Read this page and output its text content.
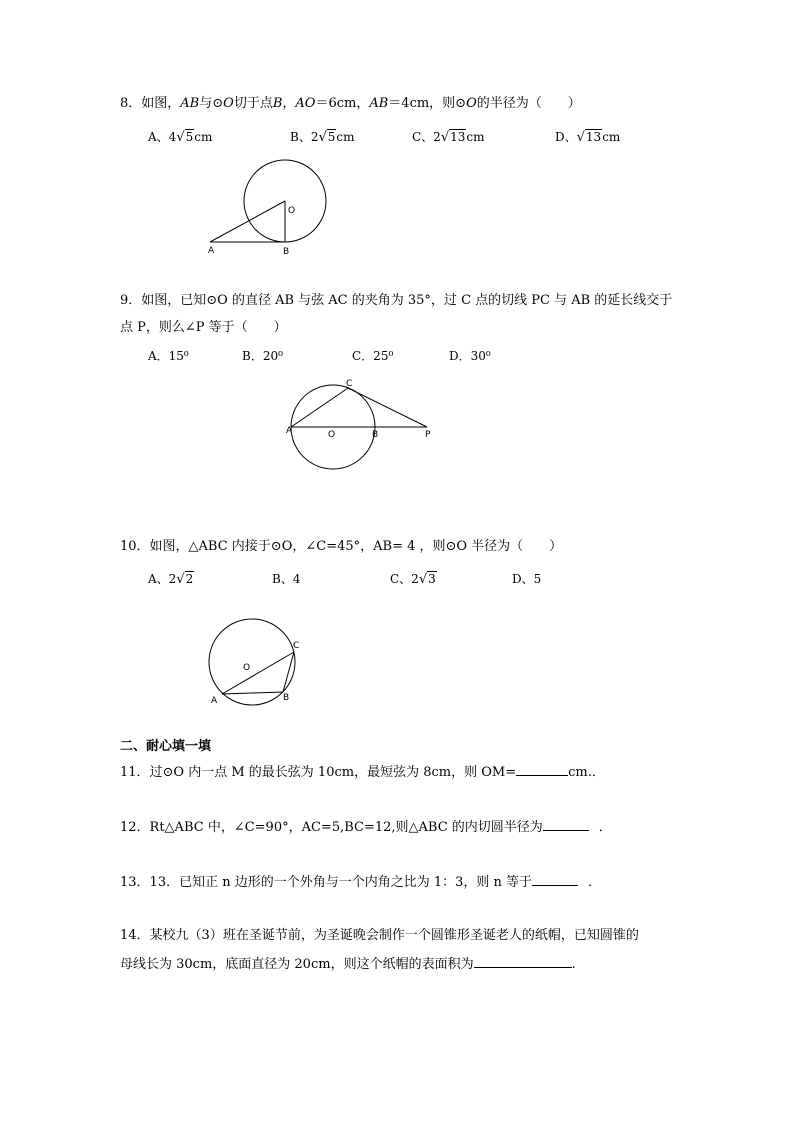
8．如图，AB与⊙O切于点B，AO＝6cm，AB＝4cm，则⊙O的半径为（　　）
A、4√5cm	B、2√5cm	C、2√13cm	D、√13cm
O
A	B
9．如图，已知⊙O 的直径 AB 与弦 AC 的夹角为 35°，过 C 点的切线 PC 与 AB 的延长线交于
点 P，则么∠P 等于（　　）
A．15⁰	B．20⁰	C．25⁰	D．30⁰
C
A	O	B	P
10．如图，△ABC 内接于⊙O，∠C=45°，AB= 4 ，则⊙O 半径为（　　）
A、2√2	B、4	C、2√3	D、5
C
O
A	B
二、耐心填一填
11．过⊙O 内一点 M 的最长弦为 10cm，最短弦为 8cm，则 OM=	cm.．
12．Rt△ABC 中，∠C=90°，AC=5,BC=12,则△ABC 的内切圆半径为	．
13．13．已知正 n 边形的一个外角与一个内角之比为 1：3，则 n 等于	．
14．某校九（3）班在圣诞节前，为圣诞晚会制作一个圆锥形圣诞老人的纸帽，已知圆锥的
母线长为 30cm，底面直径为 20cm，则这个纸帽的表面积为	.
